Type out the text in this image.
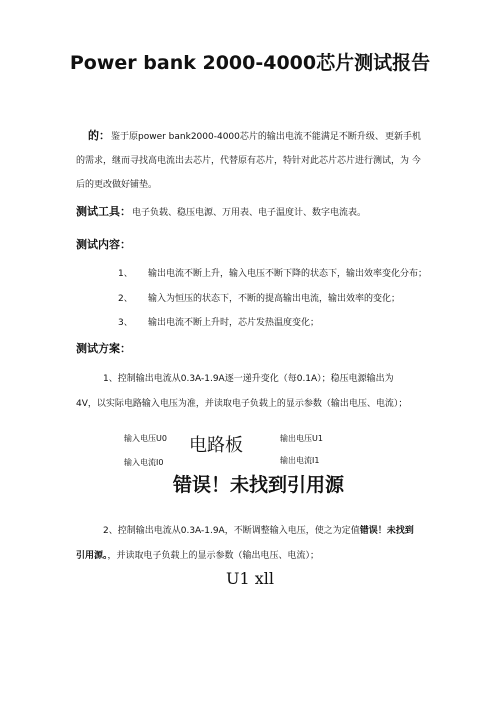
Power bank 2000-4000芯片测试报告
的： 鉴于原power bank2000-4000芯片的输出电流不能满足不断升级、 更新手机
的需求，继而寻找高电流出去芯片，代替原有芯片，特针对此芯片芯片进行测试，为 今
后的更改做好铺垫。
测试工具： 电子负载、稳压电源、万用表、电子温度计、数字电流表。
测试内容：
1、 输出电流不断上升，输入电压不断下降的状态下，输出效率变化分布；
2、 输入为恒压的状态下，不断的提高输出电流，输出效率的变化；
3、 输出电流不断上升时，芯片发热温度变化；
测试方案：
1、控制输出电流从0.3A-1.9A逐一递升变化（每0.1A）；稳压电源输出为
4V，以实际电路输入电压为准，并读取电子负载上的显示参数（输出电压、电流）；
输入电压U0 电路板	输出电压U1
输入电流I0	输出电流I1
错误！未找到引用源
2、控制输出电流从0.3A-1.9A，不断调整输入电压，使之为定值错误！未找到
引用源。，并读取电子负载上的显示参数（输出电压、电流）；
U1 xll
